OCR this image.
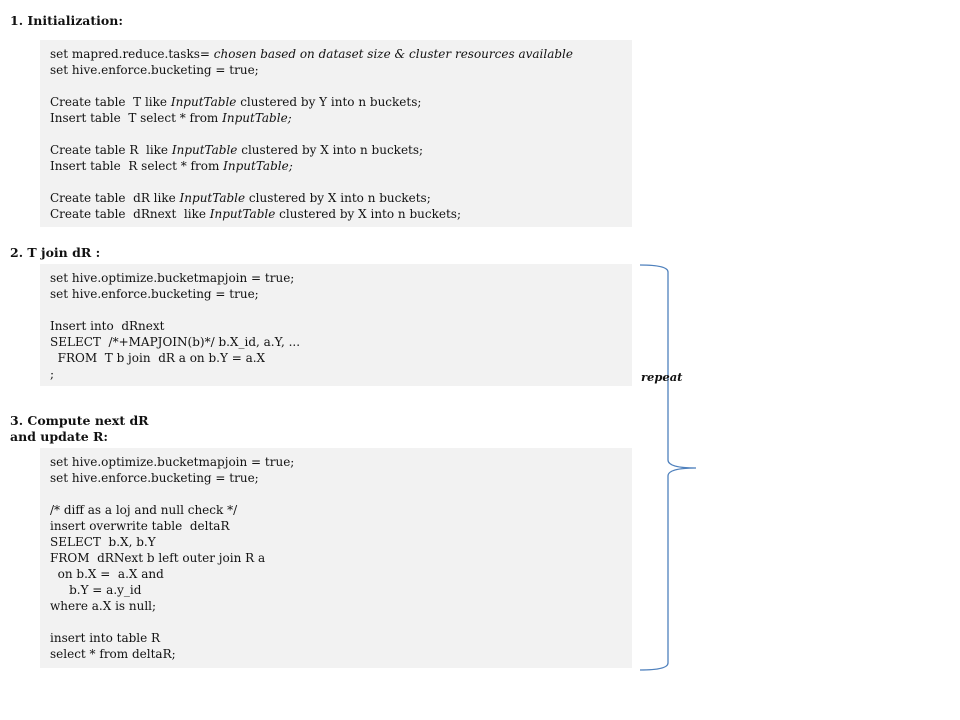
1. Initialization:
set mapred.reduce.tasks= chosen based on dataset size & cluster resources available
set hive.enforce.bucketing = true;
Create table  T like InputTable clustered by Y into n buckets;
Insert table  T select * from InputTable;
Create table R  like InputTable clustered by X into n buckets;
Insert table  R select * from InputTable;
Create table  dR like InputTable clustered by X into n buckets;
Create table  dRnext  like InputTable clustered by X into n buckets;
2. T join dR :
set hive.optimize.bucketmapjoin = true;
set hive.enforce.bucketing = true;
Insert into  dRnext
SELECT  /*+MAPJOIN(b)*/ b.X_id, a.Y, ...
FROM  T b join  dR a on b.Y = a.X
;
3. Compute next dR
and update R:
set hive.optimize.bucketmapjoin = true;
set hive.enforce.bucketing = true;
/* diff as a loj and null check */
insert overwrite table  deltaR
SELECT  b.X, b.Y
FROM  dRNext b left outer join R a
on b.X =  a.X and
b.Y = a.y_id
where a.X is null;
insert into table R
select * from deltaR;
repeat
